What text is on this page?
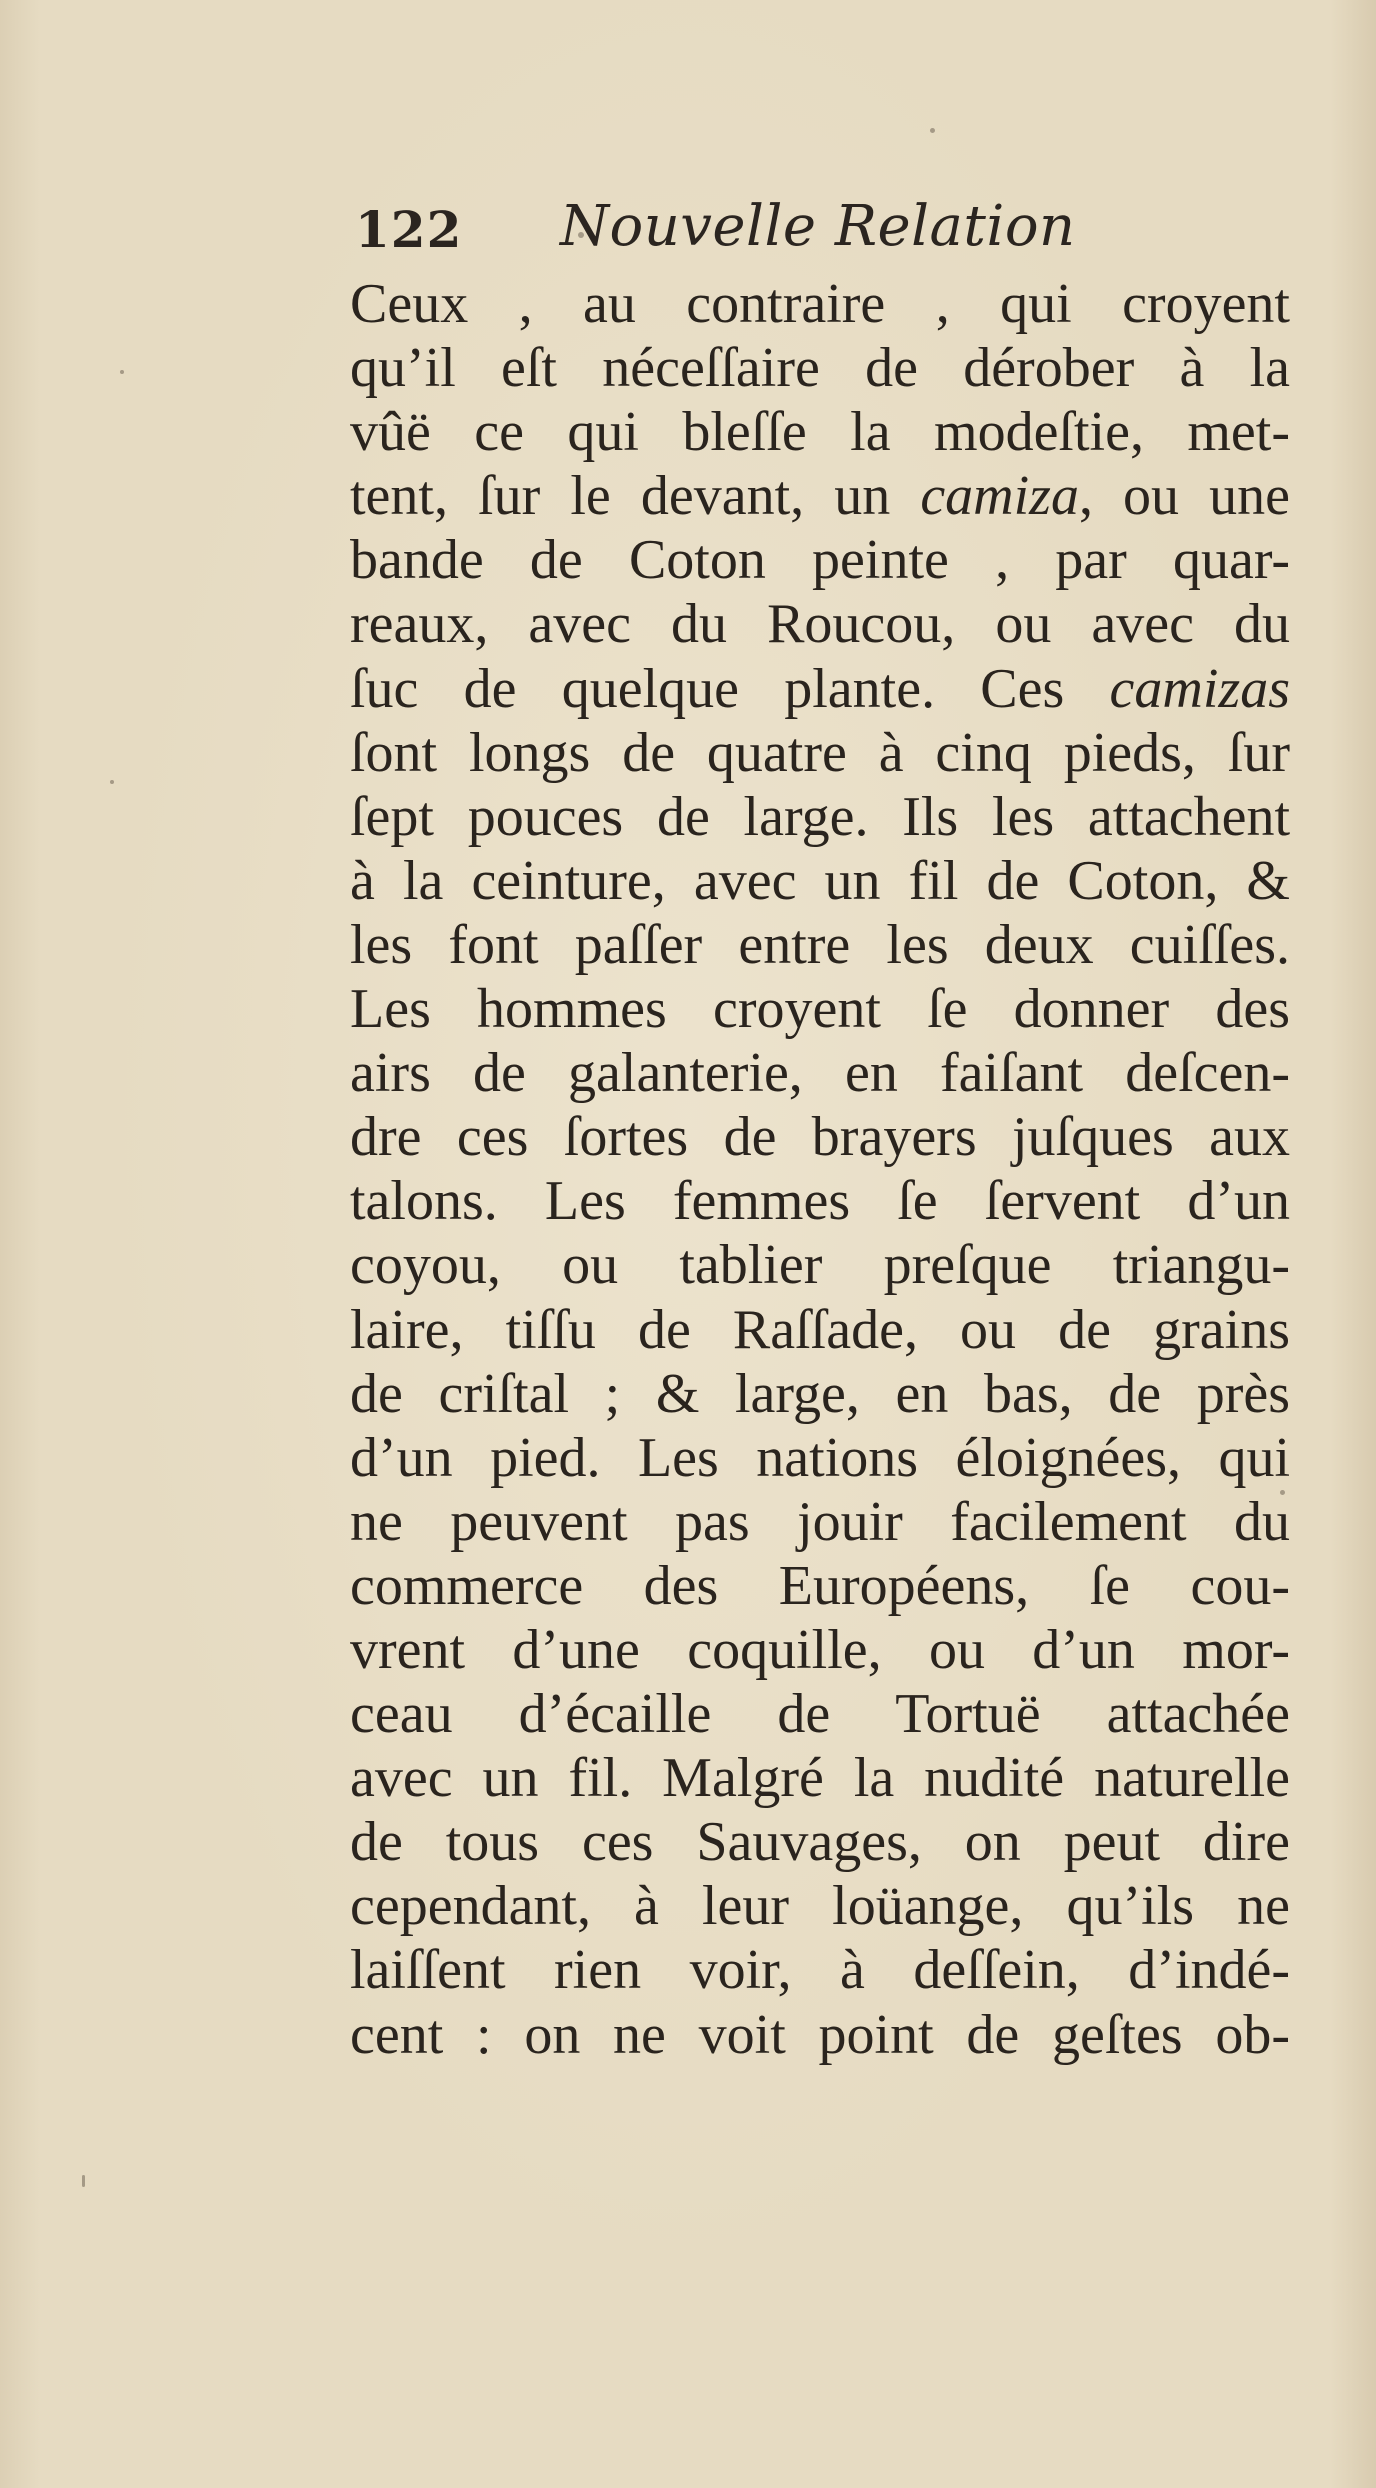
122 Nouvelle Relation
Ceux , au contraire , qui croyent
qu’il eſt néceſſaire de dérober à la
vûë ce qui bleſſe la modeſtie, met-
tent, ſur le devant, un camiza, ou une
bande de Coton peinte , par quar-
reaux, avec du Roucou, ou avec du
ſuc de quelque plante. Ces camizas
ſont longs de quatre à cinq pieds, ſur
ſept pouces de large. Ils les attachent
à la ceinture, avec un fil de Coton, &
les font paſſer entre les deux cuiſſes.
Les hommes croyent ſe donner des
airs de galanterie, en faiſant deſcen-
dre ces ſortes de brayers juſques aux
talons. Les femmes ſe ſervent d’un
coyou, ou tablier preſque triangu-
laire, tiſſu de Raſſade, ou de grains
de criſtal ; & large, en bas, de près
d’un pied. Les nations éloignées, qui
ne peuvent pas jouir facilement du
commerce des Européens, ſe cou-
vrent d’une coquille, ou d’un mor-
ceau d’écaille de Tortuë attachée
avec un fil. Malgré la nudité naturelle
de tous ces Sauvages, on peut dire
cependant, à leur loüange, qu’ils ne
laiſſent rien voir, à deſſein, d’indé-
cent : on ne voit point de geſtes ob-
